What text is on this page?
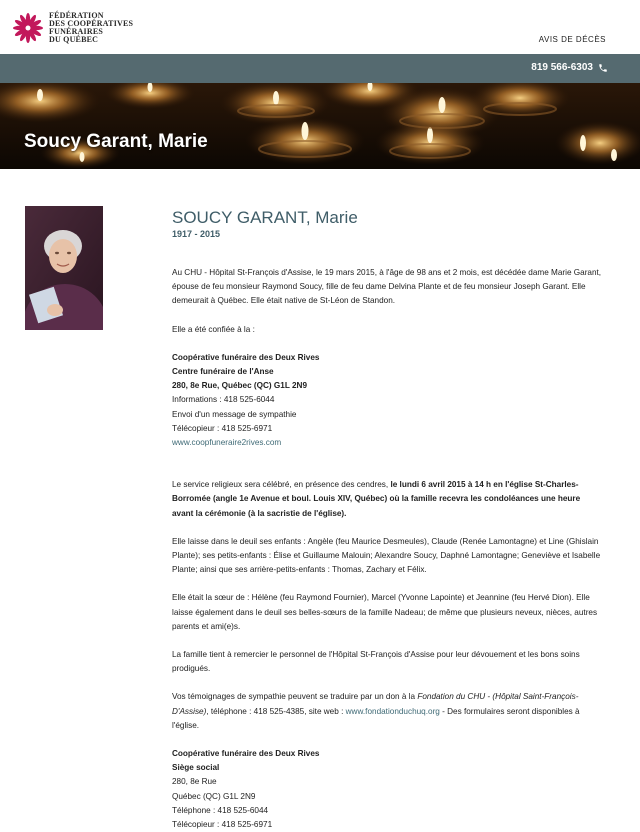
FÉDÉRATION
DES COOPÉRATIVES
FUNÉRAIRES
DU QUÉBEC	AVIS DE DÉCÈS
819 566-6303
Soucy Garant, Marie
SOUCY GARANT, Marie
1917 - 2015

Au CHU - Hôpital St-François d'Assise, le 19 mars 2015, à l'âge de 98 ans et 2 mois, est décédée dame Marie Garant, épouse de feu monsieur Raymond Soucy, fille de feu dame Delvina Plante et de feu monsieur Joseph Garant. Elle demeurait à Québec. Elle était native de St-Léon de Standon.

Elle a été confiée à la :

Coopérative funéraire des Deux Rives

Centre funéraire de l'Anse

280, 8e Rue, Québec (QC) G1L 2N9

Informations : 418 525-6044

Envoi d'un message de sympathie

Télécopieur : 418 525-6971

www.coopfuneraire2rives.com

Le service religieux sera célébré, en présence des cendres, le lundi 6 avril 2015 à 14 h en l'église St-Charles-Borromée (angle 1e Avenue et boul. Louis XIV, Québec) où la famille recevra les condoléances une heure avant la cérémonie (à la sacristie de l'église).

Elle laisse dans le deuil ses enfants : Angèle (feu Maurice Desmeules), Claude (Renée Lamontagne) et Line (Ghislain Plante); ses petits-enfants : Élise et Guillaume Malouin; Alexandre Soucy, Daphné Lamontagne; Geneviève et Isabelle Plante; ainsi que ses arrière-petits-enfants : Thomas, Zachary et Félix.

Elle était la sœur de : Hélène (feu Raymond Fournier), Marcel (Yvonne Lapointe) et Jeannine (feu Hervé Dion). Elle laisse également dans le deuil ses belles-sœurs de la famille Nadeau; de même que plusieurs neveux, nièces, autres parents et ami(e)s.

La famille tient à remercier le personnel de l'Hôpital St-François d'Assise pour leur dévouement et les bons soins prodigués.

Vos témoignages de sympathie peuvent se traduire par un don à la Fondation du CHU - (Hôpital Saint-François-D'Assise), téléphone : 418 525-4385, site web : www.fondationduchuq.org - Des formulaires seront disponibles à l'église.

Coopérative funéraire des Deux Rives

Siège social

280, 8e Rue

Québec (QC) G1L 2N9

Téléphone : 418 525-6044

Télécopieur : 418 525-6971
